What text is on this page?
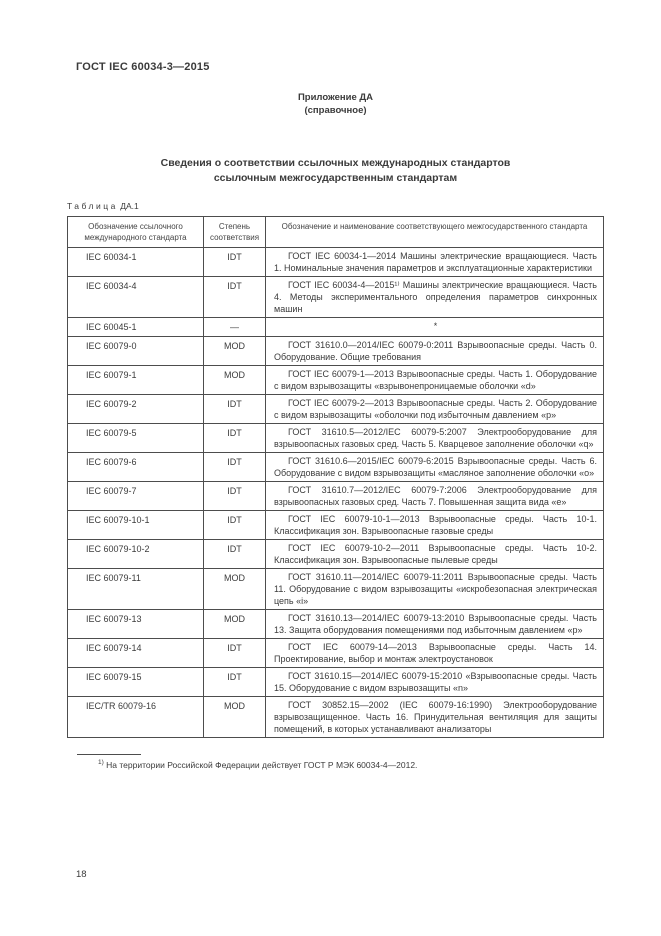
ГОСТ IEC 60034-3—2015
Приложение ДА
(справочное)
Сведения о соответствии ссылочных международных стандартов
ссылочным межгосударственным стандартам
Таблица ДА.1
Обозначение ссылочного международного стандарта	Степень соответствия	Обозначение и наименование соответствующего межгосударственного стандарта
IEC 60034-1	IDT	ГОСТ IEC 60034-1—2014 Машины электрические вращающиеся. Часть 1. Номинальные значения параметров и эксплуатационные характеристики
IEC 60034-4	IDT	ГОСТ IEC 60034-4—2015¹⁾ Машины электрические вращающиеся. Часть 4. Методы экспериментального определения параметров синхронных машин
IEC 60045-1	—	*
IEC 60079-0	MOD	ГОСТ 31610.0—2014/IEC 60079-0:2011 Взрывоопасные среды. Часть 0. Оборудование. Общие требования
IEC 60079-1	MOD	ГОСТ IEC 60079-1—2013 Взрывоопасные среды. Часть 1. Оборудование с видом взрывозащиты «взрывонепроницаемые оболочки «d»
IEC 60079-2	IDT	ГОСТ IEC 60079-2—2013 Взрывоопасные среды. Часть 2. Оборудование с видом взрывозащиты «оболочки под избыточным давлением «p»
IEC 60079-5	IDT	ГОСТ 31610.5—2012/IEC 60079-5:2007 Электрооборудование для взрывоопасных газовых сред. Часть 5. Кварцевое заполнение оболочки «q»
IEC 60079-6	IDT	ГОСТ 31610.6—2015/IEC 60079-6:2015 Взрывоопасные среды. Часть 6. Оборудование с видом взрывозащиты «масляное заполнение оболочки «o»
IEC 60079-7	IDT	ГОСТ 31610.7—2012/IEC 60079-7:2006 Электрооборудование для взрывоопасных газовых сред. Часть 7. Повышенная защита вида «e»
IEC 60079-10-1	IDT	ГОСТ IEC 60079-10-1—2013 Взрывоопасные среды. Часть 10-1. Классификация зон. Взрывоопасные газовые среды
IEC 60079-10-2	IDT	ГОСТ IEC 60079-10-2—2011 Взрывоопасные среды. Часть 10-2. Классификация зон. Взрывоопасные пылевые среды
IEC 60079-11	MOD	ГОСТ 31610.11—2014/IEC 60079-11:2011 Взрывоопасные среды. Часть 11. Оборудование с видом взрывозащиты «искробезопасная электрическая цепь «i»
IEC 60079-13	MOD	ГОСТ 31610.13—2014/IEC 60079-13:2010 Взрывоопасные среды. Часть 13. Защита оборудования помещениями под избыточным давлением «p»
IEC 60079-14	IDT	ГОСТ IEC 60079-14—2013 Взрывоопасные среды. Часть 14. Проектирование, выбор и монтаж электроустановок
IEC 60079-15	IDT	ГОСТ 31610.15—2014/IEC 60079-15:2010 «Взрывоопасные среды. Часть 15. Оборудование с видом взрывозащиты «n»
IEC/TR 60079-16	MOD	ГОСТ 30852.15—2002 (IEC 60079-16:1990) Электрооборудование взрывозащищенное. Часть 16. Принудительная вентиляция для защиты помещений, в которых устанавливают анализаторы
$^{1)}$ На территории Российской Федерации действует ГОСТ Р МЭК 60034-4—2012.
18
